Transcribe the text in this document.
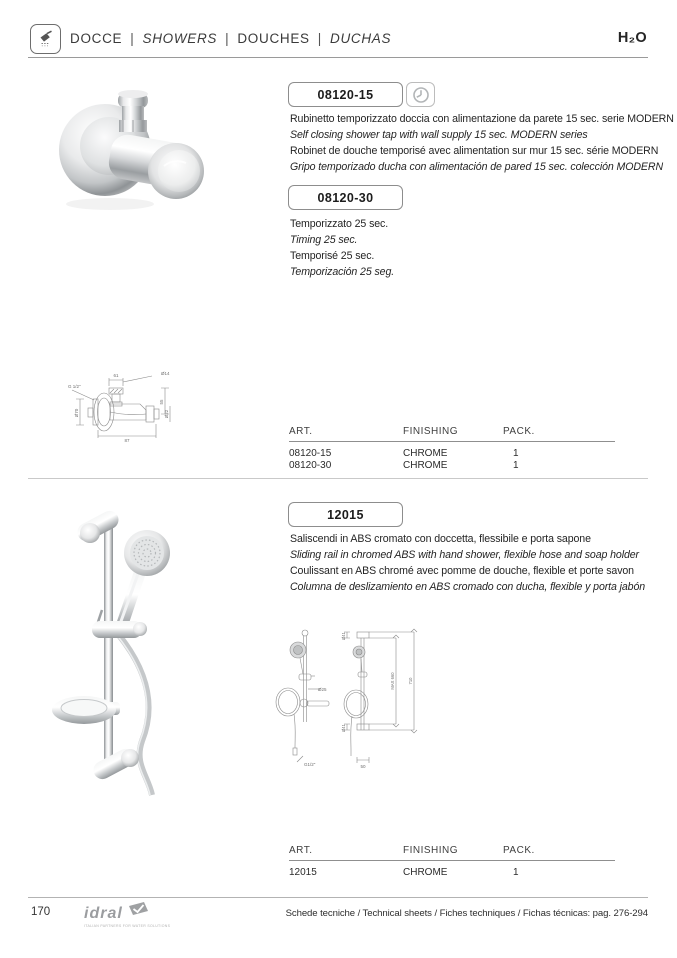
DOCCE | SHOWERS | DOUCHES | DUCHAS	H₂O
08120-15
Rubinetto temporizzato doccia con alimentazione da parete 15 sec. serie MODERN
Self closing shower tap with wall supply 15 sec. MODERN series
Robinet de douche temporisé avec alimentation sur mur 15 sec. série MODERN
Gripo temporizado ducha con alimentación de pared 15 sec. colección MODERN
08120-30
Temporizzato 25 sec.
Timing 25 sec.
Temporisé 25 sec.
Temporización 25 seg.
61	Ø14
G 1/2"
Ø70
55
Ø22
87
ART.	FINISHING	PACK.
08120-15	CHROME	1
08120-30	CHROME	1
12015
Saliscendi in ABS cromato con doccetta, flessibile e porta sapone
Sliding rail in chromed ABS with hand shower, flexible hose and soap holder
Coulissant en ABS chromé avec pomme de douche, flexible et porte savon
Columna de deslizamiento en ABS cromado con ducha, flexible y porta jabón
Ø25
G1/2"
Ø41
Ø41
MAX 660	710
50
ART.	FINISHING	PACK.
12015	CHROME	1
170 idral
ITALIAN PARTNERS FOR WATER SOLUTIONS
Schede tecniche / Technical sheets / Fiches techniques / Fichas técnicas: pag. 276-294
